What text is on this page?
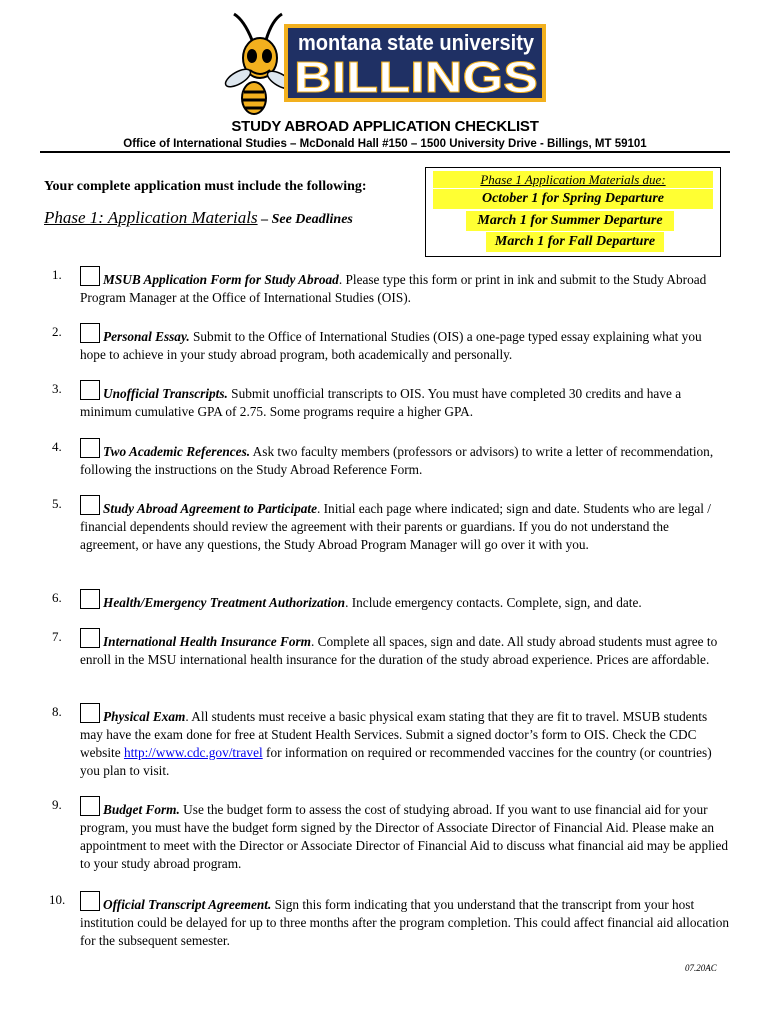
montana state university
BILLINGS
STUDY ABROAD APPLICATION CHECKLIST
Office of International Studies – McDonald Hall #150 – 1500 University Drive - Billings, MT 59101
Your complete application must include the following:
Phase 1: Application Materials – See Deadlines
Phase 1 Application Materials due:
October 1 for Spring Departure
March 1 for Summer Departure
March 1 for Fall Departure
1.	MSUB Application Form for Study Abroad. Please type this form or print in ink and submit to the Study Abroad Program Manager at the Office of International Studies (OIS).
2.	Personal Essay. Submit to the Office of International Studies (OIS) a one-page typed essay explaining what you hope to achieve in your study abroad program, both academically and personally.
3.	Unofficial Transcripts. Submit unofficial transcripts to OIS. You must have completed 30 credits and have a minimum cumulative GPA of 2.75. Some programs require a higher GPA.
4.	Two Academic References. Ask two faculty members (professors or advisors) to write a letter of recommendation, following the instructions on the Study Abroad Reference Form.
5.	Study Abroad Agreement to Participate. Initial each page where indicated; sign and date. Students who are legal / financial dependents should review the agreement with their parents or guardians. If you do not understand the agreement, or have any questions, the Study Abroad Program Manager will go over it with you.
6.	Health/Emergency Treatment Authorization. Include emergency contacts. Complete, sign, and date.
7.	International Health Insurance Form. Complete all spaces, sign and date. All study abroad students must agree to enroll in the MSU international health insurance for the duration of the study abroad experience. Prices are affordable.
8.	Physical Exam. All students must receive a basic physical exam stating that they are fit to travel. MSUB students may have the exam done for free at Student Health Services. Submit a signed doctor’s form to OIS. Check the CDC website http://www.cdc.gov/travel for information on required or recommended vaccines for the country (or countries) you plan to visit.
9.	Budget Form. Use the budget form to assess the cost of studying abroad. If you want to use financial aid for your program, you must have the budget form signed by the Director of Associate Director of Financial Aid. Please make an appointment to meet with the Director or Associate Director of Financial Aid to discuss what financial aid may be applied to your study abroad program.
10.	Official Transcript Agreement. Sign this form indicating that you understand that the transcript from your host institution could be delayed for up to three months after the program completion. This could affect financial aid allocation for the subsequent semester.
07.20AC
